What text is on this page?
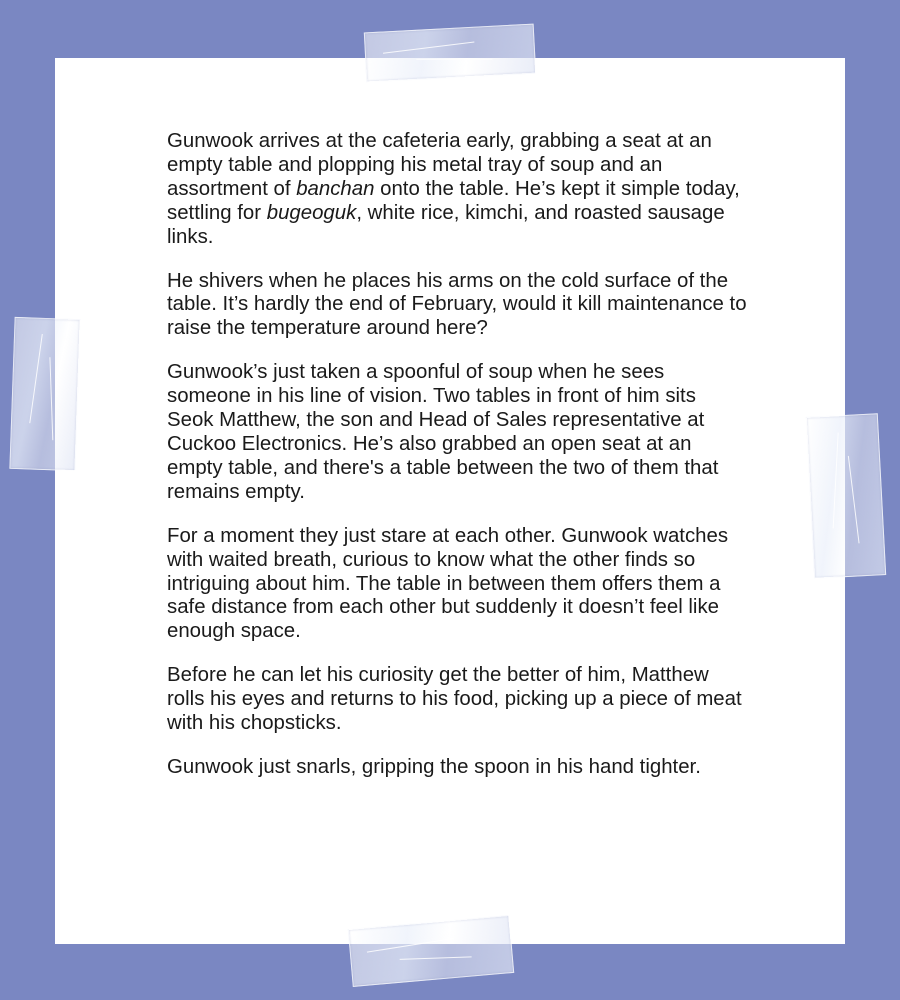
Gunwook arrives at the cafeteria early, grabbing a seat at an empty table and plopping his metal tray of soup and an assortment of banchan onto the table. He’s kept it simple today, settling for bugeoguk, white rice, kimchi, and roasted sausage links.

He shivers when he places his arms on the cold surface of the table. It’s hardly the end of February, would it kill maintenance to raise the temperature around here?

Gunwook’s just taken a spoonful of soup when he sees someone in his line of vision. Two tables in front of him sits Seok Matthew, the son and Head of Sales representative at Cuckoo Electronics. He’s also grabbed an open seat at an empty table, and there's a table between the two of them that remains empty.

For a moment they just stare at each other. Gunwook watches with waited breath, curious to know what the other finds so intriguing about him. The table in between them offers them a safe distance from each other but suddenly it doesn’t feel like enough space.

Before he can let his curiosity get the better of him, Matthew rolls his eyes and returns to his food, picking up a piece of meat with his chopsticks.

Gunwook just snarls, gripping the spoon in his hand tighter.
